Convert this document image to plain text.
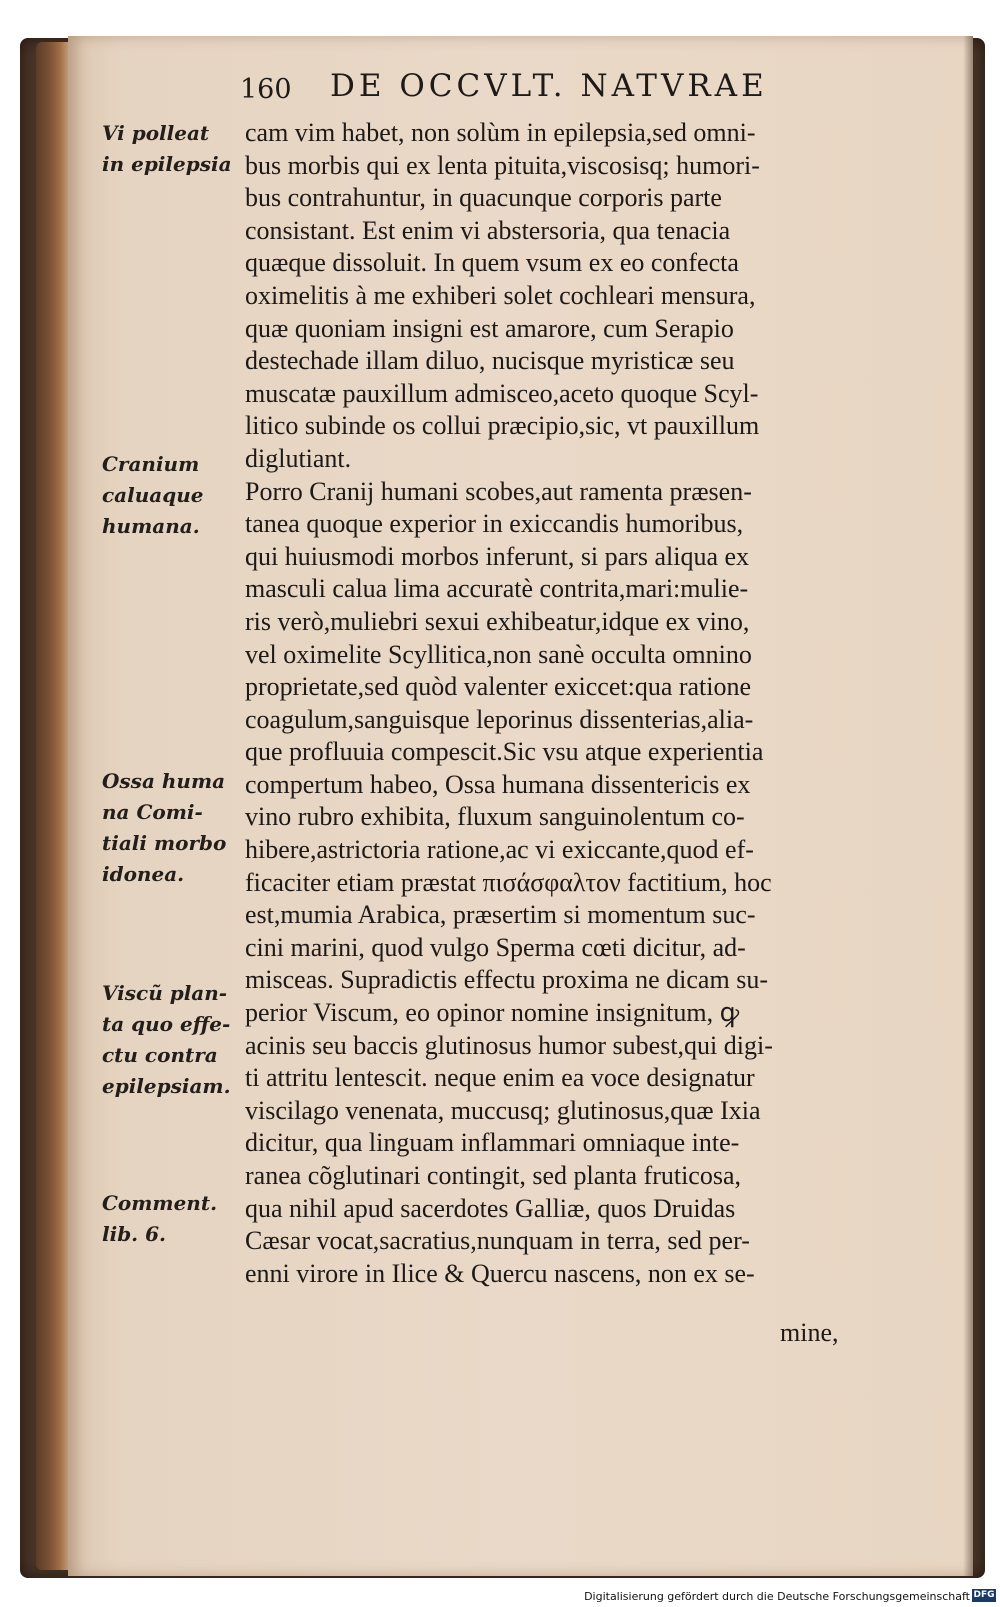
160 DE OCCVLT. NATVRAE
Vi polleat
in epilepsia
Cranium
caluaque
humana.
Ossa huma
na Comi-
tiali morbo
idonea.
Viscũ plan-
ta quo effe-
ctu contra
epilepsiam.
Comment.
lib. 6.
cam vim habet, non solùm in epilepsia,sed omni-
bus morbis qui ex lenta pituita,viscosisq; humori-
bus contrahuntur, in quacunque corporis parte
consistant. Est enim vi abstersoria, qua tenacia
quæque dissoluit. In quem vsum ex eo confecta
oximelitis à me exhiberi solet cochleari mensura,
quæ quoniam insigni est amarore, cum Serapio
destechade illam diluo, nucisque myristicæ seu
muscatæ pauxillum admisceo,aceto quoque Scyl-
litico subinde os collui præcipio,sic, vt pauxillum
diglutiant.
Porro Cranij humani scobes,aut ramenta præsen-
tanea quoque experior in exiccandis humoribus,
qui huiusmodi morbos inferunt, si pars aliqua ex
masculi calua lima accuratè contrita,mari:mulie-
ris verò,muliebri sexui exhibeatur,idque ex vino,
vel oximelite Scyllitica,non sanè occulta omnino
proprietate,sed quòd valenter exiccet:qua ratione
coagulum,sanguisque leporinus dissenterias,alia-
que profluuia compescit.Sic vsu atque experientia
compertum habeo, Ossa humana dissentericis ex
vino rubro exhibita, fluxum sanguinolentum co-
hibere,astrictoria ratione,ac vi exiccante,quod ef-
ficaciter etiam præstat πισάσφαλτον factitium, hoc
est,mumia Arabica, præsertim si momentum suc-
cini marini, quod vulgo Sperma cœti dicitur, ad-
misceas. Supradictis effectu proxima ne dicam su-
perior Viscum, eo opinor nomine insignitum, ꝙ
acinis seu baccis glutinosus humor subest,qui digi-
ti attritu lentescit. neque enim ea voce designatur
viscilago venenata, muccusq; glutinosus,quæ Ixia
dicitur, qua linguam inflammari omniaque inte-
ranea cõglutinari contingit, sed planta fruticosa,
qua nihil apud sacerdotes Galliæ, quos Druidas
Cæsar vocat,sacratius,nunquam in terra, sed per-
enni virore in Ilice & Quercu nascens, non ex se-
mine,
Digitalisierung gefördert durch die Deutsche Forschungsgemeinschaft DFG
